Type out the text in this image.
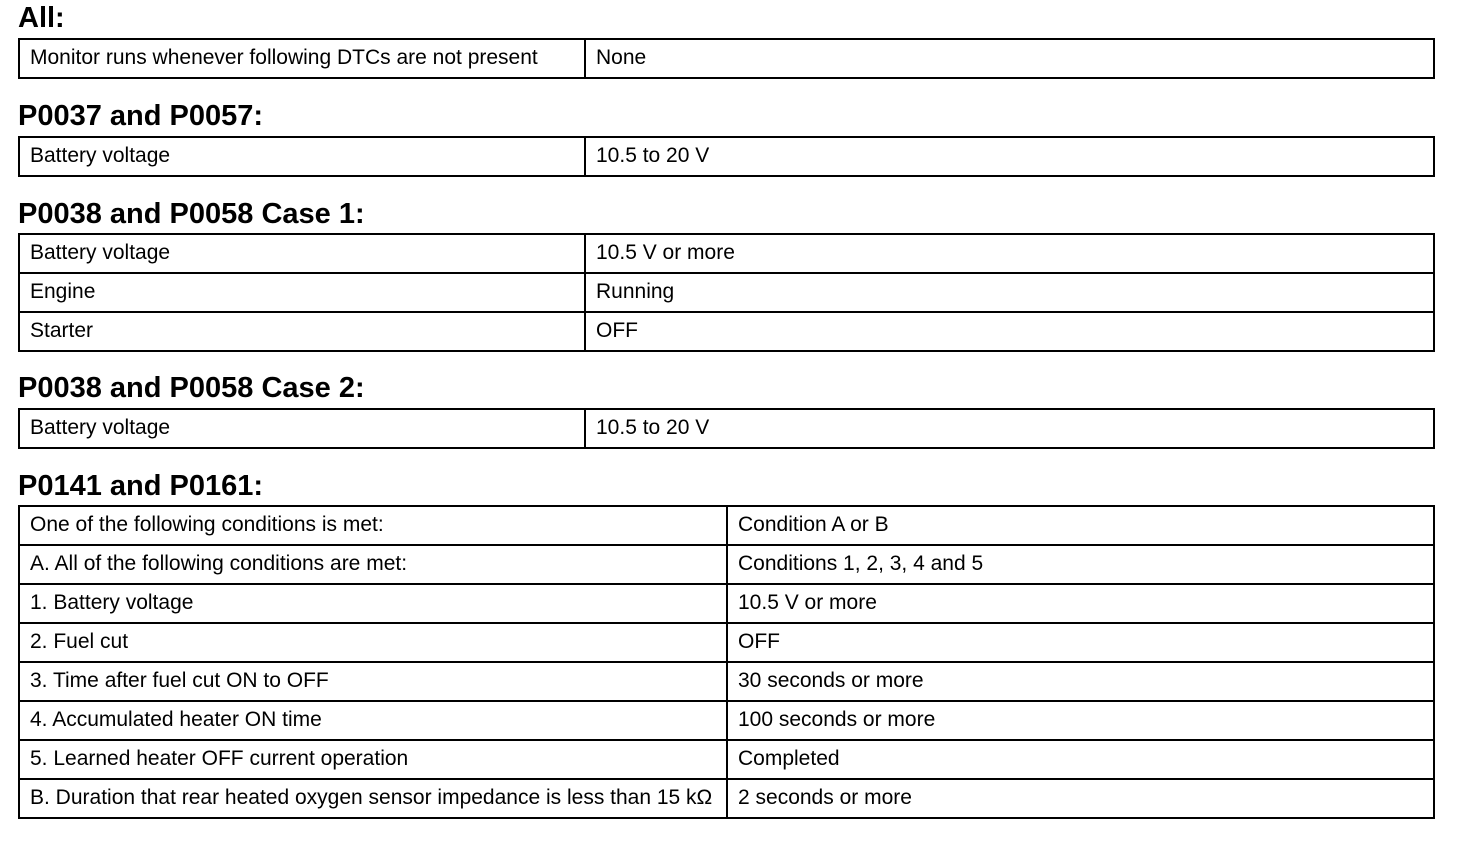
All:
Monitor runs whenever following DTCs are not present	None
P0037 and P0057:
Battery voltage	10.5 to 20 V
P0038 and P0058 Case 1:
Battery voltage	10.5 V or more
Engine	Running
Starter	OFF
P0038 and P0058 Case 2:
Battery voltage	10.5 to 20 V
P0141 and P0161:
One of the following conditions is met:	Condition A or B
A. All of the following conditions are met:	Conditions 1, 2, 3, 4 and 5
1. Battery voltage	10.5 V or more
2. Fuel cut	OFF
3. Time after fuel cut ON to OFF	30 seconds or more
4. Accumulated heater ON time	100 seconds or more
5. Learned heater OFF current operation	Completed
B. Duration that rear heated oxygen sensor impedance is less than 15 kΩ	2 seconds or more
